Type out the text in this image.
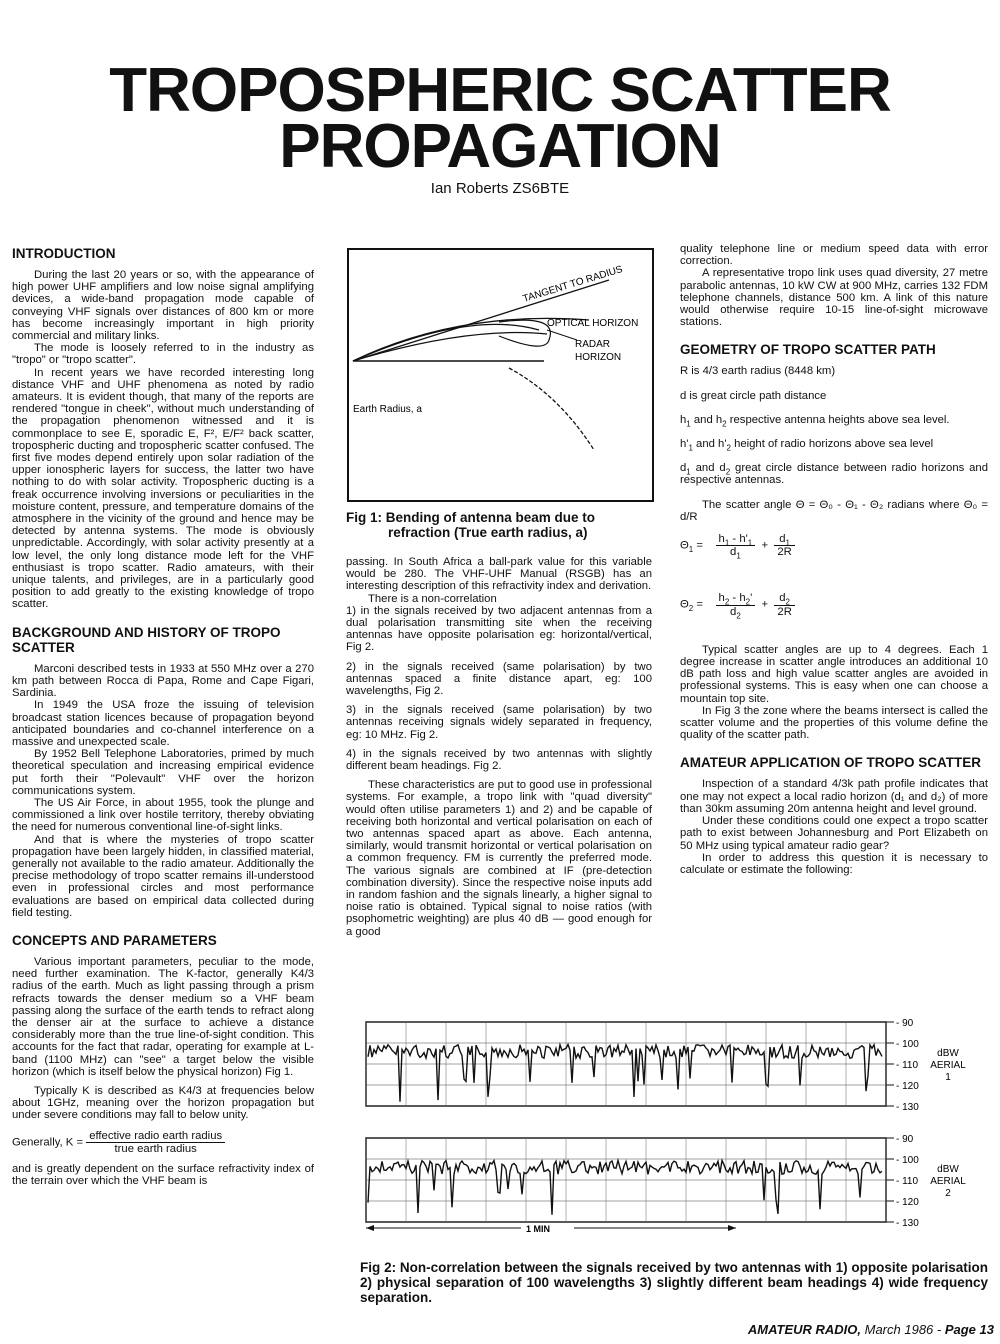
TROPOSPHERIC SCATTER
PROPAGATION
Ian Roberts ZS6BTE
INTRODUCTION

During the last 20 years or so, with the appearance of high power UHF amplifiers and low noise signal amplifying devices, a wide-band propagation mode capable of conveying VHF signals over distances of 800 km or more has become increasingly important in high priority commercial and military links.

The mode is loosely referred to in the industry as "tropo" or "tropo scatter".

In recent years we have recorded interesting long distance VHF and UHF phenomena as noted by radio amateurs. It is evident though, that many of the reports are rendered "tongue in cheek", without much understanding of the propagation phenomenon witnessed and it is commonplace to see E, sporadic E, F², E/F² back scatter, tropospheric ducting and tropospheric scatter confused. The first five modes depend entirely upon solar radiation of the upper ionospheric layers for success, the latter two have nothing to do with solar activity. Tropospheric ducting is a freak occurrence involving inversions or peculiarities in the moisture content, pressure, and temperature domains of the atmosphere in the vicinity of the ground and hence may be detected by antenna systems. The mode is obviously unpredictable. Accordingly, with solar activity presently at a low level, the only long distance mode left for the VHF enthusiast is tropo scatter. Radio amateurs, with their unique talents, and privileges, are in a particularly good position to add greatly to the existing knowledge of tropo scatter.

BACKGROUND AND HISTORY OF TROPO SCATTER

Marconi described tests in 1933 at 550 MHz over a 270 km path between Rocca di Papa, Rome and Cape Figari, Sardinia.

In 1949 the USA froze the issuing of television broadcast station licences because of propagation beyond anticipated boundaries and co-channel interference on a massive and unexpected scale.

By 1952 Bell Telephone Laboratories, primed by much theoretical speculation and increasing empirical evidence put forth their "Polevault" VHF over the horizon communications system.

The US Air Force, in about 1955, took the plunge and commissioned a link over hostile territory, thereby obviating the need for numerous conventional line-of-sight links.

And that is where the mysteries of tropo scatter propagation have been largely hidden, in classified material, generally not available to the radio amateur. Additionally the precise methodology of tropo scatter remains ill-understood even in professional circles and most performance evaluations are based on empirical data collected during field testing.

CONCEPTS AND PARAMETERS

Various important parameters, peculiar to the mode, need further examination. The K-factor, generally K4/3 radius of the earth. Much as light passing through a prism refracts towards the denser medium so a VHF beam passing along the surface of the earth tends to refract along the denser air at the surface to achieve a distance considerably more than the true line-of-sight condition. This accounts for the fact that radar, operating for example at L-band (1100 MHz) can "see" a target below the visible horizon (which is itself below the physical horizon) Fig 1.

Typically K is described as K4/3 at frequencies below about 1GHz, meaning over the horizon propagation but under severe conditions may fall to below unity.

Generally, $K = \frac{\text{effective radio earth radius}}{\text{true earth radius}}$

and is greatly dependent on the surface refractivity index of the terrain over which the VHF beam is

TANGENT TO RADIUS
OPTICAL HORIZON
RADAR
HORIZON
Earth Radius, a
Fig 1: Bending of antenna beam due to
refraction (True earth radius, a)

passing. In South Africa a ball-park value for this variable would be 280. The VHF-UHF Manual (RSGB) has an interesting description of this refractivity index and derivation.

There is a non-correlation

1) in the signals received by two adjacent antennas from a dual polarisation transmitting site when the receiving antennas have opposite polarisation eg: horizontal/vertical, Fig 2.

2) in the signals received (same polarisation) by two antennas spaced a finite distance apart, eg: 100 wavelengths, Fig 2.

3) in the signals received (same polarisation) by two antennas receiving signals widely separated in frequency, eg: 10 MHz. Fig 2.

4) in the signals received by two antennas with slightly different beam headings. Fig 2.

These characteristics are put to good use in professional systems. For example, a tropo link with "quad diversity" would often utilise parameters 1) and 2) and be capable of receiving both horizontal and vertical polarisation on each of two antennas spaced apart as above. Each antenna, similarly, would transmit horizontal or vertical polarisation on a common frequency. FM is currently the preferred mode. The various signals are combined at IF (pre-detection combination diversity). Since the respective noise inputs add in random fashion and the signals linearly, a higher signal to noise ratio is obtained. Typical signal to noise ratios (with psophometric weighting) are plus 40 dB — good enough for a good

quality telephone line or medium speed data with error correction.

A representative tropo link uses quad diversity, 27 metre parabolic antennas, 10 kW CW at 900 MHz, carries 132 FDM telephone channels, distance 500 km. A link of this nature would otherwise require 10-15 line-of-sight microwave stations.

GEOMETRY OF TROPO SCATTER PATH

R is 4/3 earth radius (8448 km)

d is great circle path distance

$h_1$ and $h_2$ respective antenna heights above sea level.

$h'_1$ and $h'_2$ height of radio horizons above sea level

$d_1$ and $d_2$ great circle distance between radio horizons and respective antennas.

The scatter angle Θ = Θ₀ - Θ₁ - Θ₂ radians where Θ₀ = d/R

$\Theta_1 = \frac{h_1 - h'_1}{d_1} + \frac{d_1}{2R}$
$\Theta_2 = \frac{h_2 - h_2'}{d_2} + \frac{d_2}{2R}$

Typical scatter angles are up to 4 degrees. Each 1 degree increase in scatter angle introduces an additional 10 dB path loss and high value scatter angles are avoided in professional systems. This is easy when one can choose a mountain top site.

In Fig 3 the zone where the beams intersect is called the scatter volume and the properties of this volume define the quality of the scatter path.

AMATEUR APPLICATION OF TROPO SCATTER

Inspection of a standard 4/3k path profile indicates that one may not expect a local radio horizon (d₁ and d₂) of more than 30km assuming 20m antenna height and level ground.

Under these conditions could one expect a tropo scatter path to exist between Johannesburg and Port Elizabeth on 50 MHz using typical amateur radio gear?

In order to address this question it is necessary to calculate or estimate the following:

- 90
- 100
- 110
- 120
- 130
dBW
AERIAL
1
- 90
- 100
- 110
- 120
- 130
dBW
AERIAL
2
1 MIN
Fig 2: Non-correlation between the signals received by two antennas with 1) opposite polarisation 2) physical separation of 100 wavelengths 3) slightly different beam headings 4) wide frequency separation.
AMATEUR RADIO, March 1986 - Page 13
